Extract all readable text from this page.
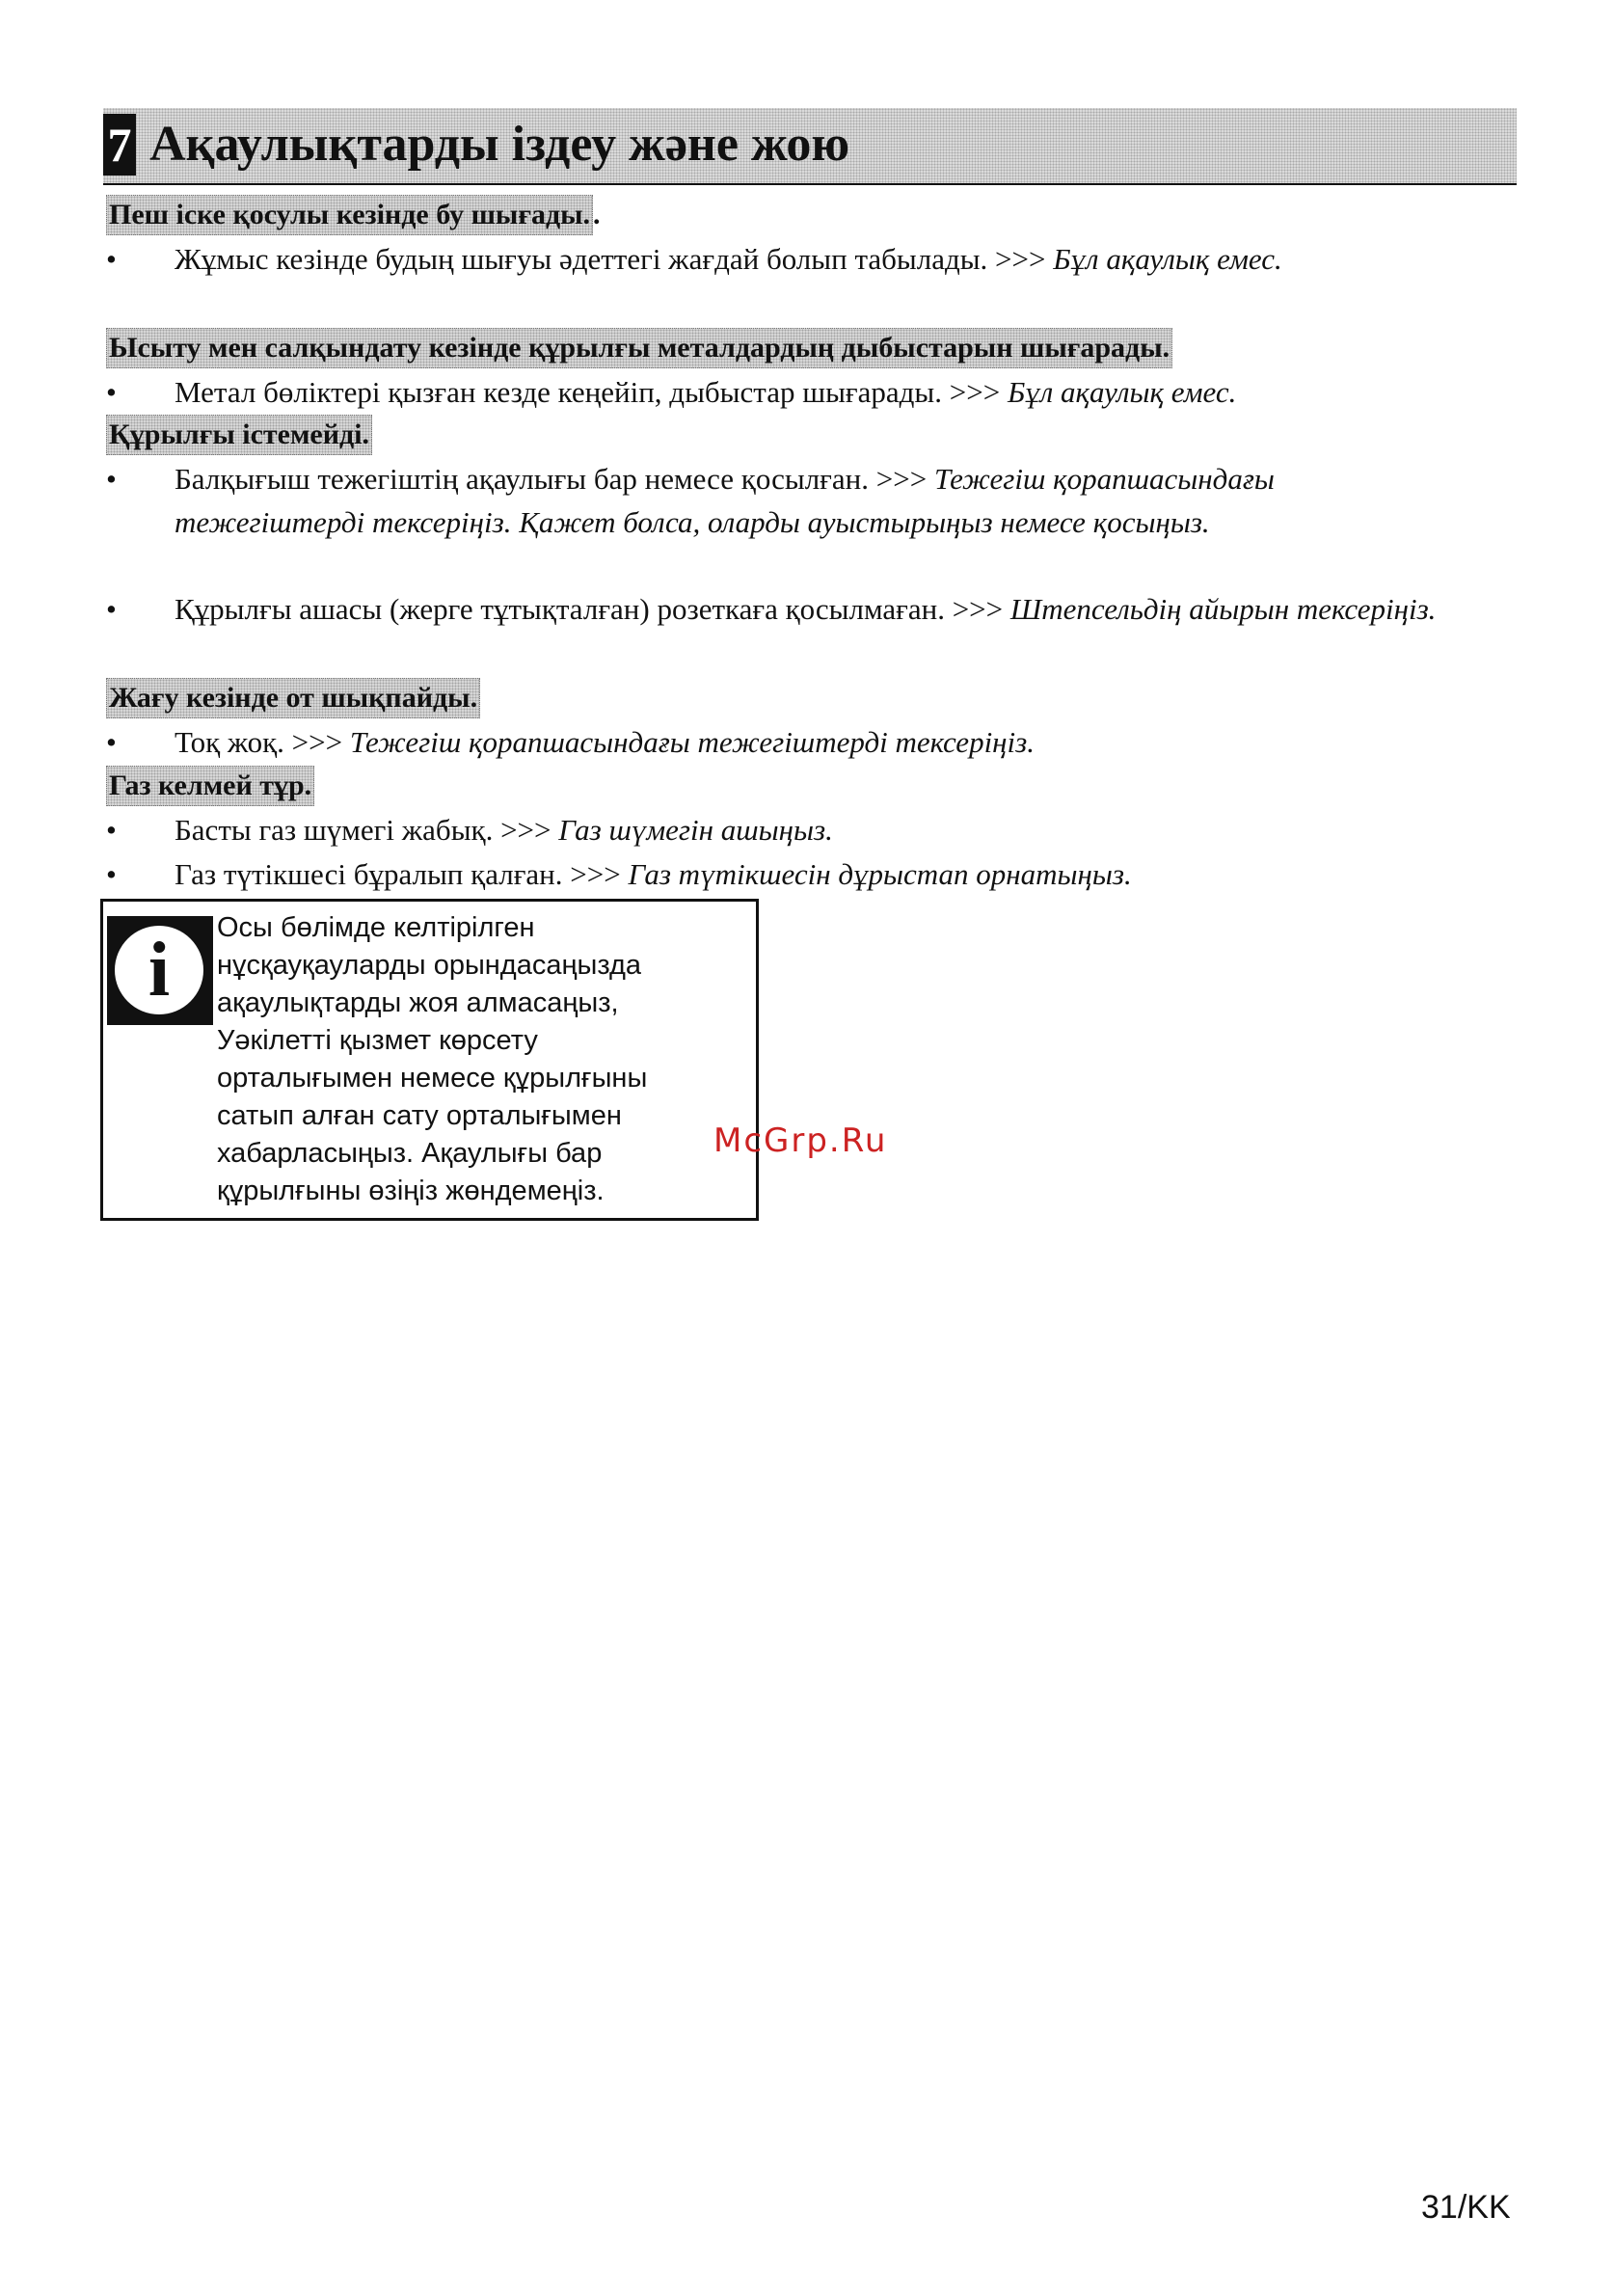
7 Ақаулықтарды іздеу және жою
Пеш іске қосулы кезінде бу шығады. .
• Жұмыс кезінде будың шығуы әдеттегі жағдай болып табылады. >>> Бұл ақаулық емес.
Ысыту мен салқындату кезінде құрылғы металдардың дыбыстарын шығарады.
• Метал бөліктері қызған кезде кеңейіп, дыбыстар шығарады. >>> Бұл ақаулық емес.
Құрылғы істемейді.
• Балқығыш тежегіштің ақаулығы бар немесе қосылған. >>> Тежегіш қорапшасындағы тежегіштерді тексеріңіз. Қажет болса, оларды ауыстырыңыз немесе қосыңыз.
• Құрылғы ашасы (жерге тұтықталған) розеткаға қосылмаған. >>> Штепсельдің айырын тексеріңіз.
Жағу кезінде от шықпайды.
• Тоқ жоқ. >>> Тежегіш қорапшасындағы тежегіштерді тексеріңіз.
Газ келмей тұр.
• Басты газ шүмегі жабық. >>> Газ шүмегін ашыңыз.
• Газ түтікшесі бұралып қалған. >>> Газ түтікшесін дұрыстап орнатыңыз.
i	Осы бөлімде келтірілген
нұсқауқауларды орындасаңызда
ақаулықтарды жоя алмасаңыз,
Уәкілетті қызмет көрсету
орталығымен немесе құрылғыны
сатып алған сату орталығымен
хабарласыңыз. Ақаулығы бар
құрылғыны өзіңіз жөндемеңіз.
McGrp.Ru
31/KK
